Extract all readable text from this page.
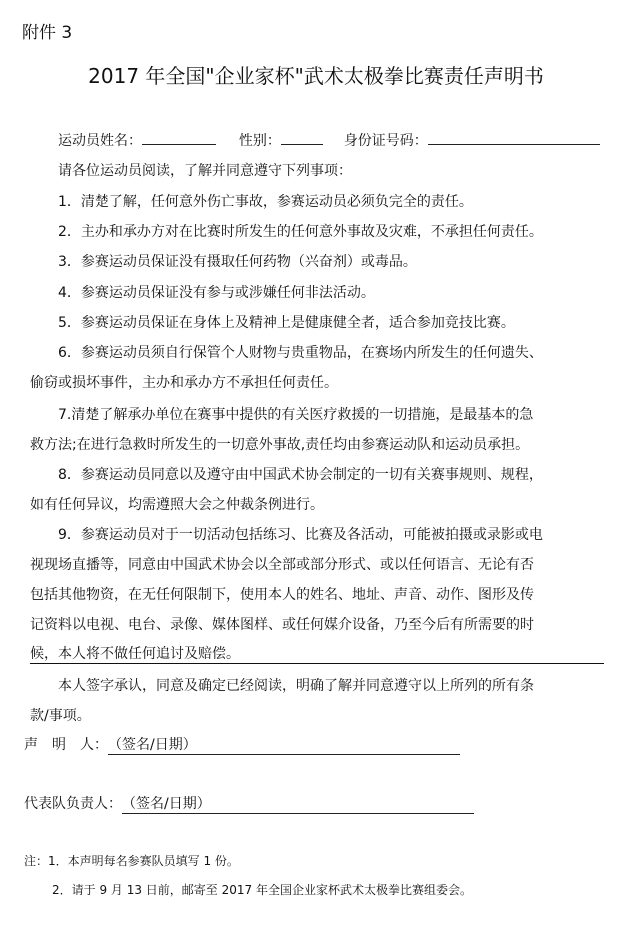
附件 3
2017 年全国"企业家杯"武术太极拳比赛责任声明书
运动员姓名：	性别：	身份证号码：
请各位运动员阅读，了解并同意遵守下列事项：
1．清楚了解，任何意外伤亡事故，参赛运动员必须负完全的责任。
2．主办和承办方对在比赛时所发生的任何意外事故及灾难，不承担任何责任。
3．参赛运动员保证没有摄取任何药物（兴奋剂）或毒品。
4．参赛运动员保证没有参与或涉嫌任何非法活动。
5．参赛运动员保证在身体上及精神上是健康健全者，适合参加竞技比赛。
6．参赛运动员须自行保管个人财物与贵重物品，在赛场内所发生的任何遗失、
偷窃或损坏事件，主办和承办方不承担任何责任。
7.清楚了解承办单位在赛事中提供的有关医疗救援的一切措施，是最基本的急
救方法;在进行急救时所发生的一切意外事故,责任均由参赛运动队和运动员承担。
8．参赛运动员同意以及遵守由中国武术协会制定的一切有关赛事规则、规程，
如有任何异议，均需遵照大会之仲裁条例进行。
9．参赛运动员对于一切活动包括练习、比赛及各活动，可能被拍摄或录影或电
视现场直播等，同意由中国武术协会以全部或部分形式、或以任何语言、无论有否
包括其他物资，在无任何限制下，使用本人的姓名、地址、声音、动作、图形及传
记资料以电视、电台、录像、媒体图样、或任何媒介设备，乃至今后有所需要的时
候，本人将不做任何追讨及赔偿。
本人签字承认，同意及确定已经阅读，明确了解并同意遵守以上所列的所有条
款/事项。
声　明　人：（签名/日期）
代表队负责人：（签名/日期）
注：1．本声明每名参赛队员填写 1 份。
2．请于 9 月 13 日前，邮寄至 2017 年全国企业家杯武术太极拳比赛组委会。
